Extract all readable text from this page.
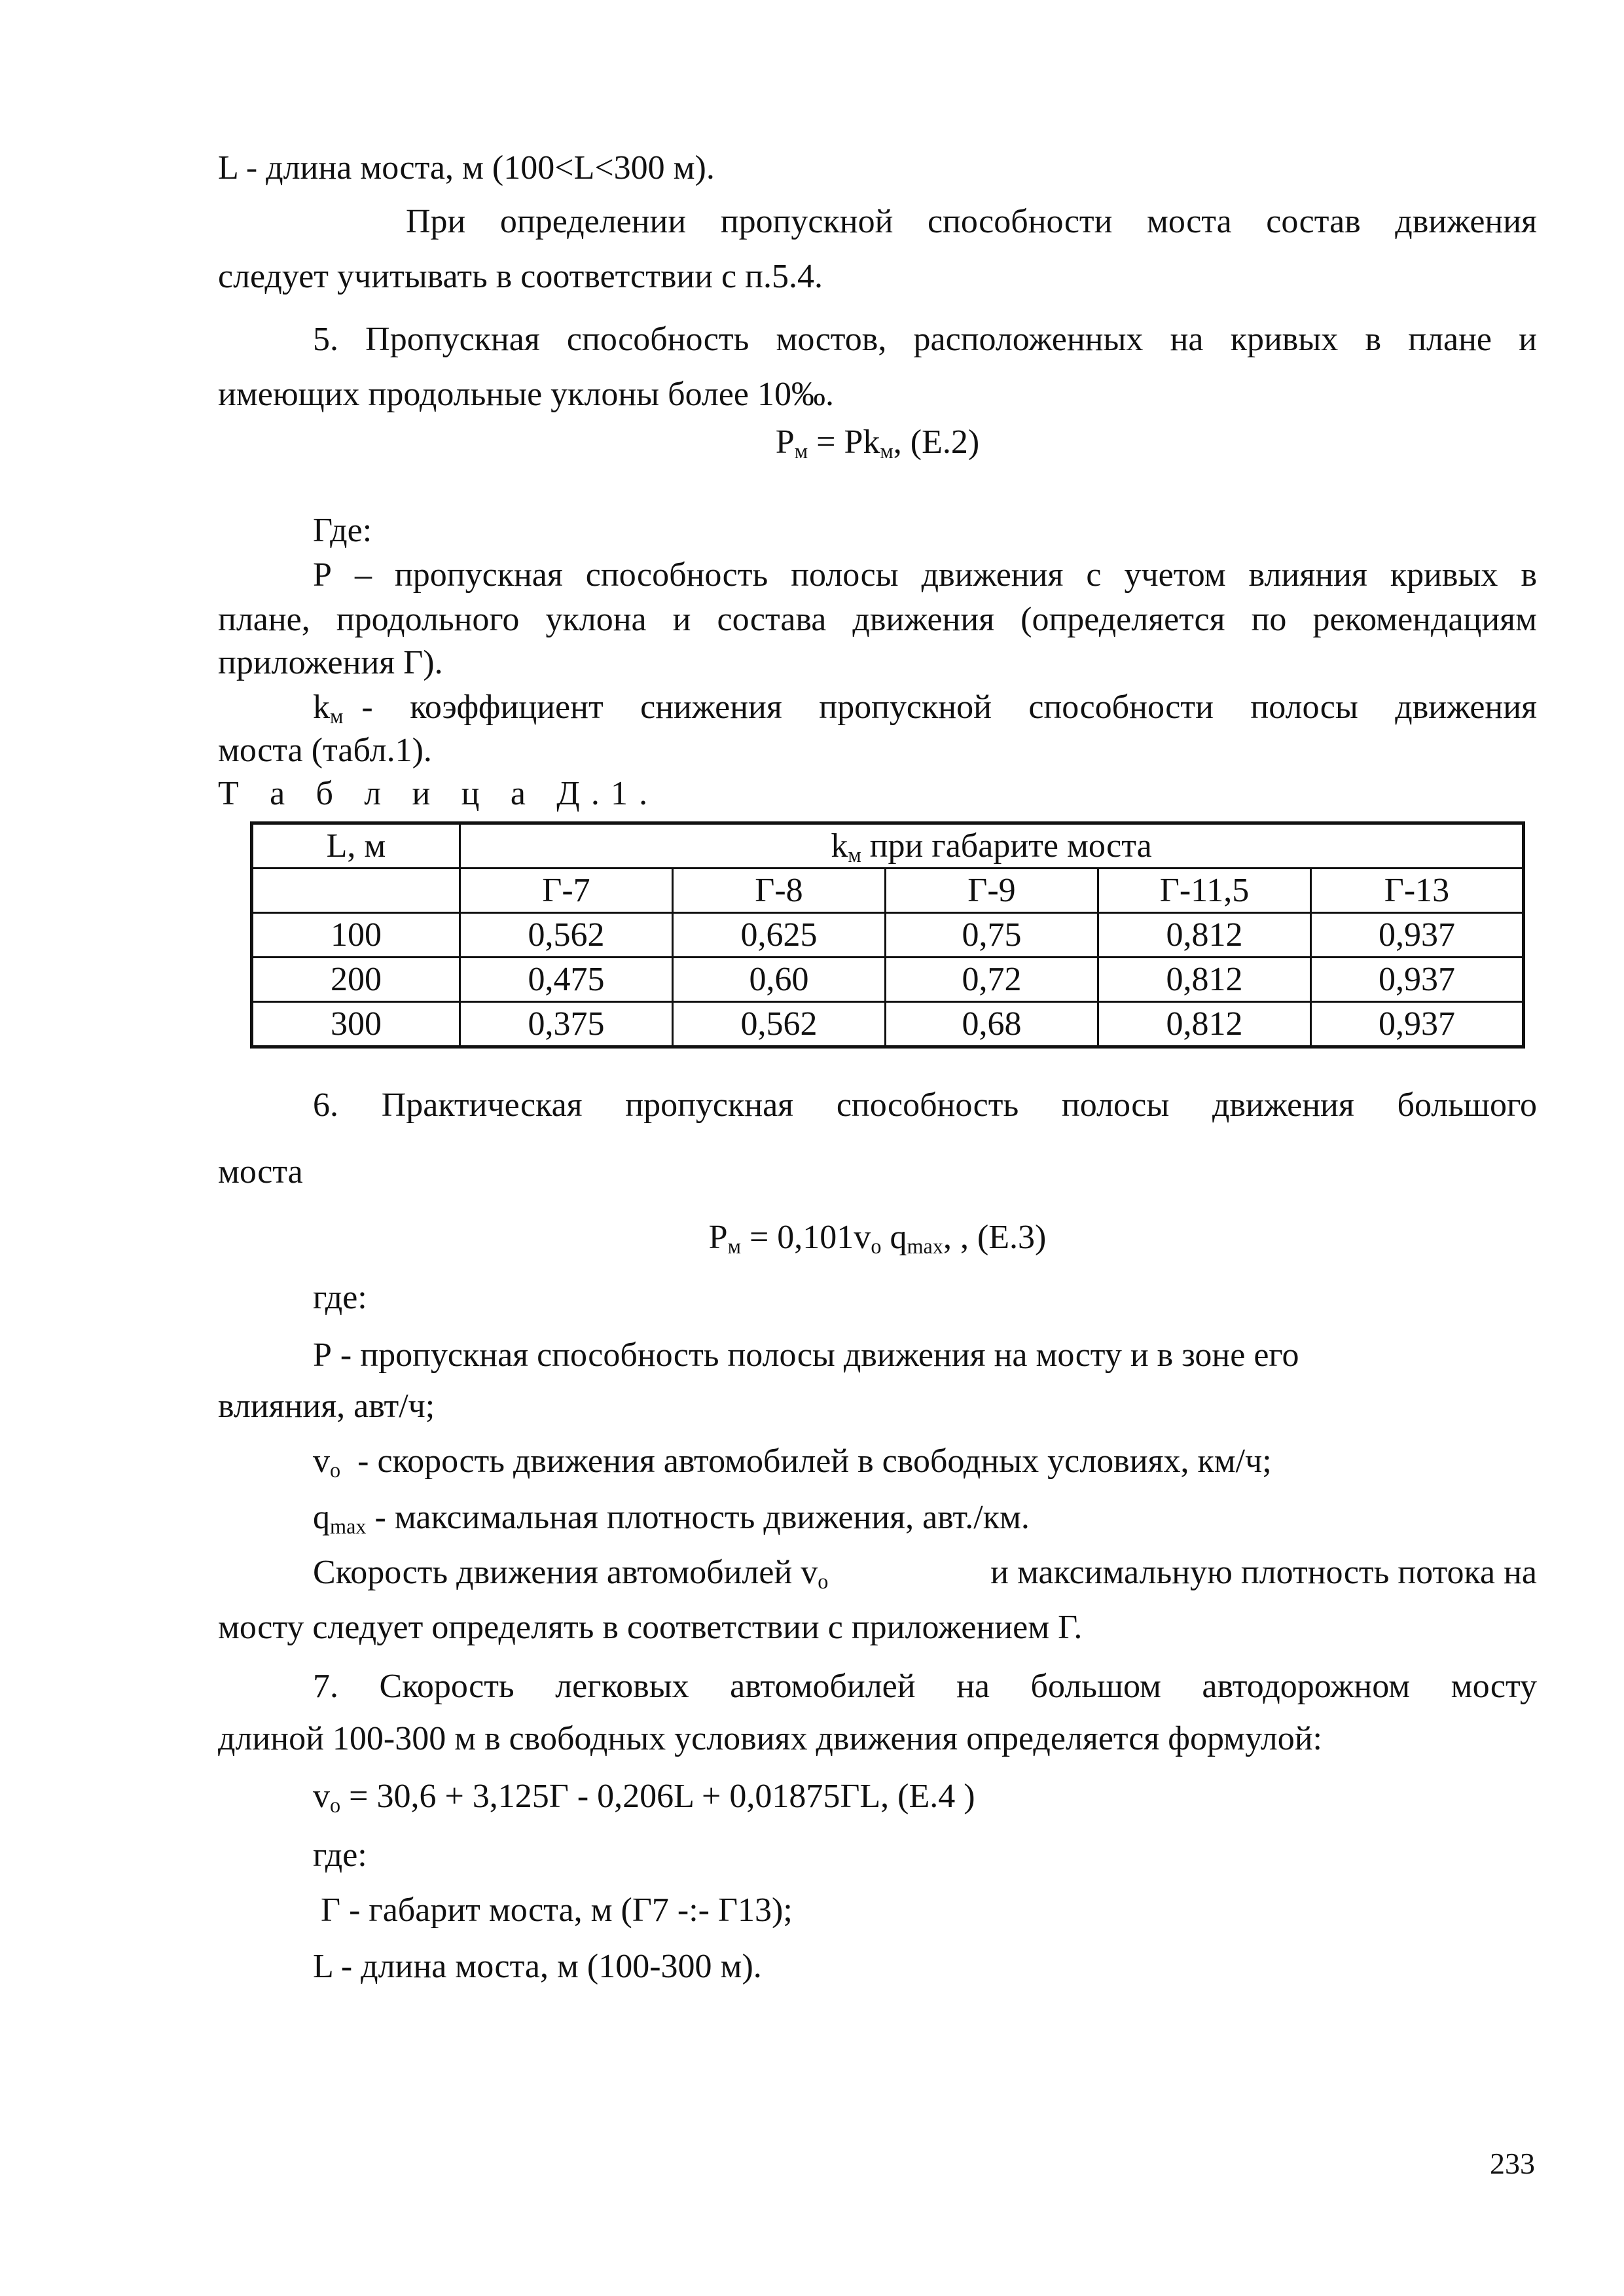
L - длина моста, м (100<L<300 м).
При определении пропускной способности моста состав движения
следует учитывать в соответствии с п.5.4.
5. Пропускная способность мостов, расположенных на кривых в плане и
имеющих продольные уклоны более 10‰.
$Р_м = Рk_м$, (Е.2)
Где:
Р – пропускная способность полосы движения с учетом влияния кривых в
плане, продольного уклона и состава движения (определяется по рекомендациям
приложения Г).
$k_м$ - коэффициент снижения пропускной способности полосы движения
моста (табл.1).
Т а б л и ц а Д.1.
L, м	$k_м$ при габарите моста				
	Г-7	Г-8	Г-9	Г-11,5	Г-13
100	0,562	0,625	0,75	0,812	0,937
200	0,475	0,60	0,72	0,812	0,937
300	0,375	0,562	0,68	0,812	0,937
6. Практическая пропускная способность полосы движения большого
моста
$Р_м = 0,101v_о$ $q_{max}$, , (Е.3)
где:
Р - пропускная способность полосы движения на мосту и в зоне его
влияния, авт/ч;
$v_о$ - скорость движения автомобилей в свободных условиях, км/ч;
$q_{max}$ - максимальная плотность движения, авт./км.
Скорость движения автомобилей $v_о$	и максимальную плотность потока на
мосту следует определять в соответствии с приложением Г.
7. Скорость легковых автомобилей на большом автодорожном мосту
длиной 100-300 м в свободных условиях движения определяется формулой:
$v_о = 30,6 + 3,125Г - 0,206L + 0,01875ГL$, (Е.4 )
где:
Г - габарит моста, м (Г7 -:- Г13);
L - длина моста, м (100-300 м).
233
